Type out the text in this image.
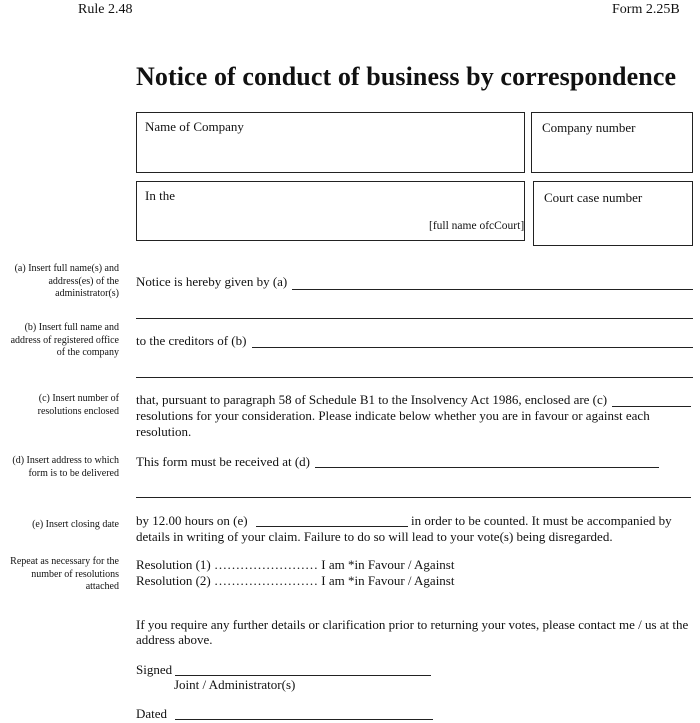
Rule 2.48	Form 2.25B
Notice of conduct of business by correspondence
Name of Company	Company number
In the
[full name ofcCourt]
Court case number
(a) Insert full name(s) and
address(es) of the
administrator(s)
(b) Insert full name and
address of registered office
of the company
(c) Insert number of
resolutions enclosed
(d) Insert address to which
form is to be delivered
(e) Insert closing date
Repeat as necessary for the
number of resolutions
attached
Notice is hereby given by (a)
to the creditors of (b)
that, pursuant to paragraph 58 of Schedule B1 to the Insolvency Act 1986, enclosed are (c)
resolutions for your consideration. Please indicate below whether you are in favour or against each
resolution.
This form must be received at (d)
by 12.00 hours on (e)	in order to be counted. It must be accompanied by
details in writing of your claim. Failure to do so will lead to your vote(s) being disregarded.
Resolution (1) …………………… I am *in Favour / Against
Resolution (2) …………………… I am *in Favour / Against
If you require any further details or clarification prior to returning your votes, please contact me / us at the
address above.
Signed
Joint / Administrator(s)
Dated
